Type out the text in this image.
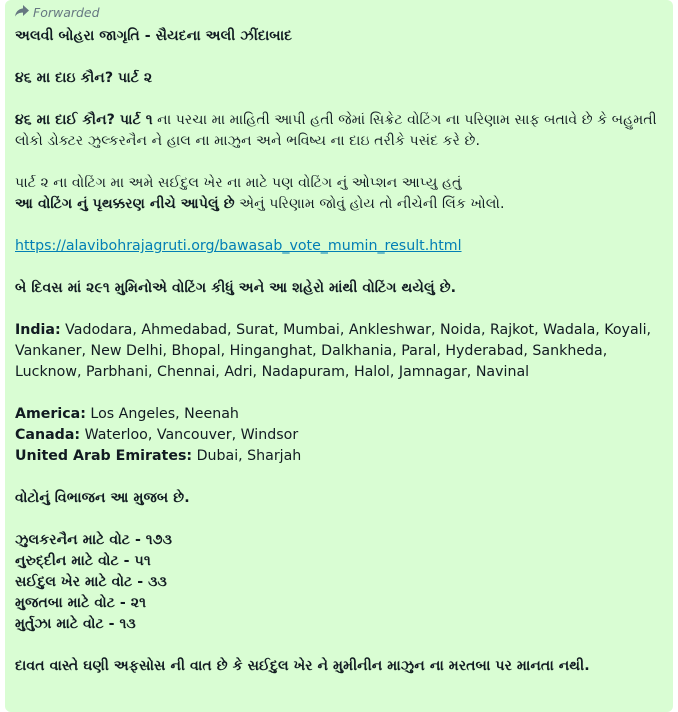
Forwarded

અલવી બોહરા જાગૃતિ - સૈયદના અલી ઝીંદાબાદ

૪૬ મા દાઇ કૌન? પાર્ટ ૨

૪૬ મા દાઈ કૌન? પાર્ટ ૧ ના પરચા મા માહિતી આપી હતી જેમાં સિક્રેટ વોટિંગ ના પરિણામ સાફ બતાવે છે કે બહુમતી લોકો ડોક્ટર ઝુલ્કરનૈન ને હાલ ના માઝુન અને ભવિષ્ય ના દાઇ તરીકે પસંદ કરે છે.

પાર્ટ ૨ ના વોટિંગ મા અમે સઈદુલ ખેર ના માટે પણ વોટિંગ નું ઓપ્શન આપ્યુ હતું

આ વોટિંગ નું પૃથક્કરણ નીચે આપેલું છે એનું પરિણામ જોવું હોય તો નીચેની લિંક ખોલો.

https://alavibohrajagruti.org/bawasab_vote_mumin_result.html

બે દિવસ માં ૨૯૧ મુમિનોએ વોટિંગ કીધું અને આ શહેરો માંથી વોટિંગ થયેલું છે.

India: Vadodara, Ahmedabad, Surat, Mumbai, Ankleshwar, Noida, Rajkot, Wadala, Koyali, Vankaner, New Delhi, Bhopal, Hinganghat, Dalkhania, Paral, Hyderabad, Sankheda, Lucknow, Parbhani, Chennai, Adri, Nadapuram, Halol, Jamnagar, Navinal

America: Los Angeles, Neenah

Canada: Waterloo, Vancouver, Windsor

United Arab Emirates: Dubai, Sharjah

વોટોનું વિભાજન આ મુજબ છે.

ઝુલકરનૈન માટે વોટ - ૧૭૩

નુરુદ્દીન માટે વોટ - ૫૧

સઈદુલ ખેર માટે વોટ - ૩૩

મુજતબા માટે વોટ - ૨૧

મુર્તુઝા માટે વોટ - ૧૩

દાવત વાસ્તે ઘણી અફસોસ ની વાત છે કે સઈદુલ ખેર ને મુમીનીન માઝુન ના મરતબા પર માનતા નથી.
